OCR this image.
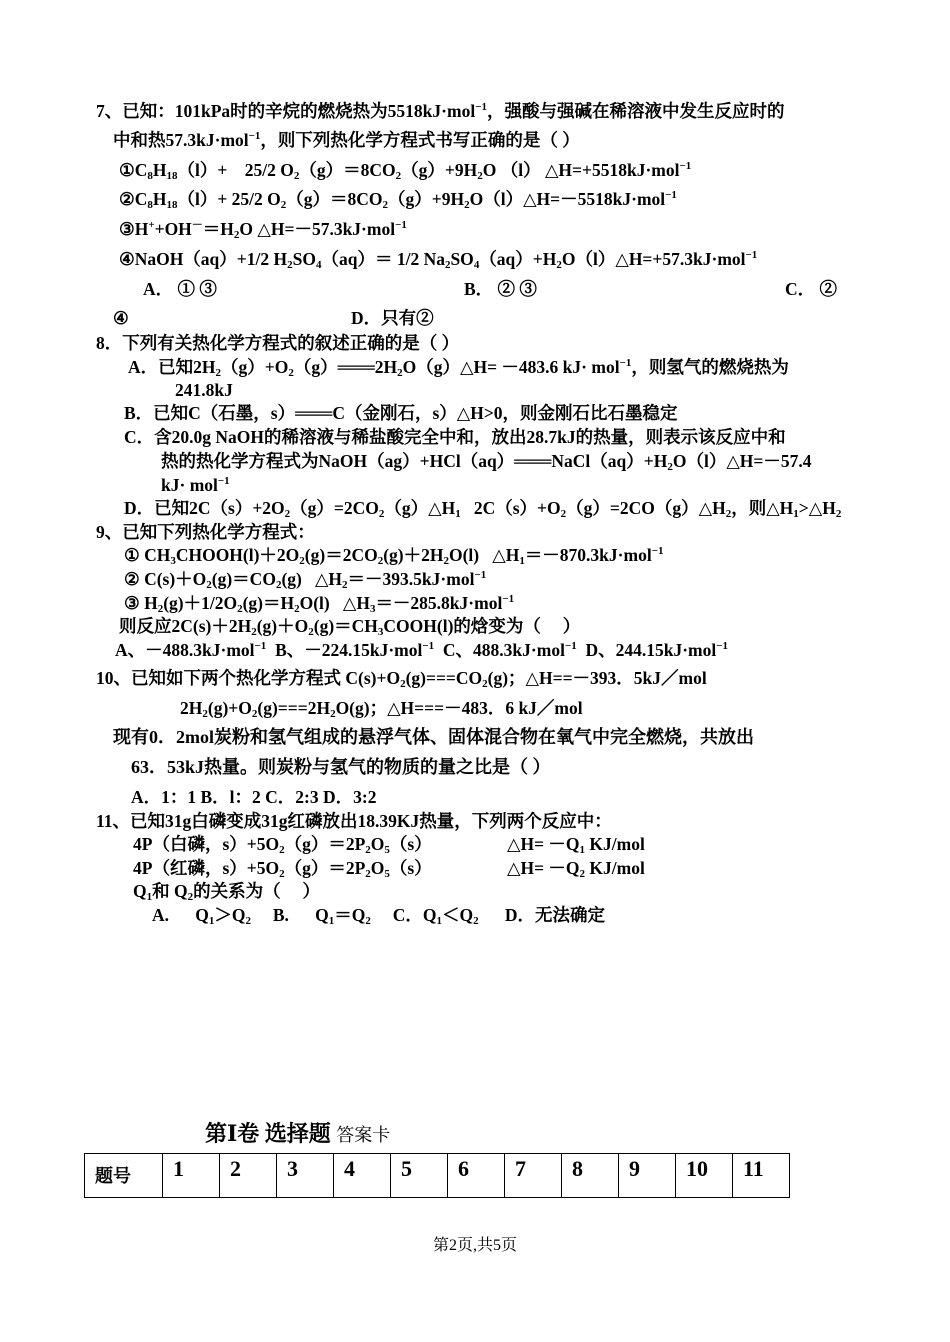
7、已知：101kPa时的辛烷的燃烧热为5518kJ·mol$^{-1}$，强酸与强碱在稀溶液中发生反应时的
中和热57.3kJ·mol$^{-1}$，则下列热化学方程式书写正确的是（ ）
$①C_8H_{18}(l)+$    25/2 $O_2(g)=8CO_2(g)+9H_2O$ （l） △H=+5518kJ·mol$^{-1}$
$②C_8H_{18}(l)+ 25/2$ $O_2(g)=8CO_2(g)+9H_2O(l)\triangle H=-5518kJ\cdot mol^{-1}$
$③H^++OH^-=H_2O$ △H=－57.3kJ·mol$^{-1}$
④NaOH（aq）+1/2 $H_2SO_4(aq)= 1/2$ $Na_2SO_4(aq)+H_2O(l)\triangle H=+57.3kJ\cdot mol^{-1}$
A． ① ③	B． ② ③	C． ②
④	D．只有②
8．下列有关热化学方程式的叙述正确的是（ ）
A．已知$2H_2(g)+O_2(g)═══2H_2O(g)\triangle H= -483.6$ kJ· mol$^{-1}$，则氢气的燃烧热为
241.8kJ
B．已知C（石墨，s）═══C（金刚石，s）△H>0，则金刚石比石墨稳定
C．含20.0g NaOH的稀溶液与稀盐酸完全中和，放出28.7kJ的热量，则表示该反应中和
热的热化学方程式为$NaOH(ag)+HCl(aq)═══NaCl(aq)+H_2O(l)\triangle H=-57.4$
kJ· mol$^{-1}$
D．已知$2C(s)+2O_2(g)=2CO_2(g)\triangle H_1$   $2C(s)+O_2(g)=2CO(g)\triangle H_2$，则$\triangle H_1>\triangle H_2$
9、已知下列热化学方程式：
① $CH_3CHOOH(l)+2O_2(g)=2CO_2(g)+2H_2O(l)$   $\triangle H_1=-870.3kJ\cdot mol^{-1}$
② $C(s)+O_2(g)=CO_2(g)$   $\triangle H_2=-393.5kJ\cdot mol^{-1}$
③ $H_2(g)+1/2O_2(g)=H_2O(l)$   $\triangle H_3=-285.8kJ\cdot mol^{-1}$
则反应$2C(s)+2H_2(g)+O_2(g)=CH_3COOH(l)$的焓变为（     ）
A、－488.3kJ·mol$^{-1}$  B、－224.15kJ·mol$^{-1}$  C、488.3kJ·mol$^{-1}$  D、244.15kJ·mol$^{-1}$
10、已知如下两个热化学方程式 $C(s)+O_2(g)===CO_2(g)$；△H==－393．5kJ／mol
$2H_2(g)+O_2(g)===2H_2O(g)$；△H===－483．6 kJ／mol
现有0．2mol炭粉和氢气组成的悬浮气体、固体混合物在氧气中完全燃烧，共放出
63．53kJ热量。则炭粉与氢气的物质的量之比是（ ）
A．1：1 B．l：2 C．2:3 D．3:2
11、已知31g白磷变成31g红磷放出18.39KJ热量，下列两个反应中：
4P（白磷，$s)+5O_2(g)=2P_2O_5(s)$	△H= $-Q_1$ KJ/mol
4P（红磷，$s)+5O_2(g)=2P_2O_5(s)$	△H= $-Q_2$ KJ/mol
$Q_1$和 $Q_2$的关系为（     ）
A.      $Q_1>Q_2$     B.      $Q_1=Q_2$     C．$Q_1<Q_2$      D．无法确定
第Ⅰ卷 选择题 答案卡
题号	1	2	3	4	5	6	7	8	9	10	11
第2页,共5页
